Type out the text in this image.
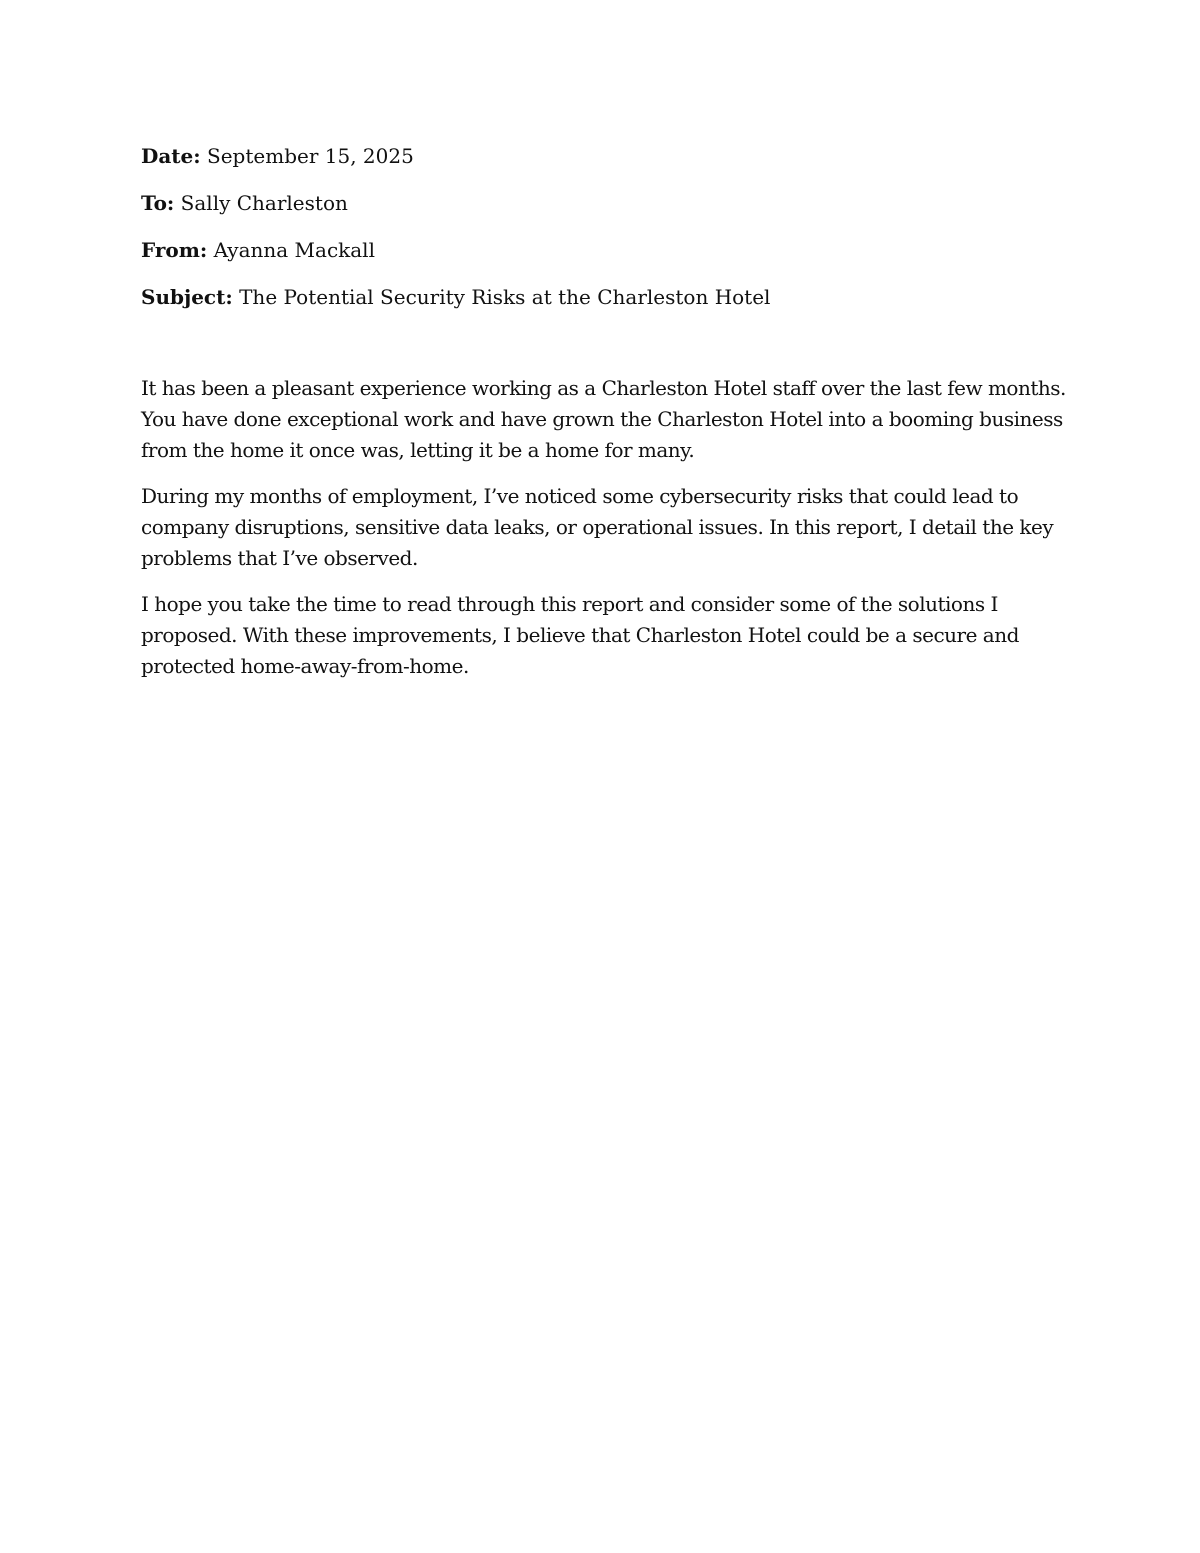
Date: September 15, 2025
To: Sally Charleston
From: Ayanna Mackall
Subject: The Potential Security Risks at the Charleston Hotel

It has been a pleasant experience working as a Charleston Hotel staff over the last few months.
You have done exceptional work and have grown the Charleston Hotel into a booming business
from the home it once was, letting it be a home for many.

During my months of employment, I’ve noticed some cybersecurity risks that could lead to
company disruptions, sensitive data leaks, or operational issues. In this report, I detail the key
problems that I’ve observed.

I hope you take the time to read through this report and consider some of the solutions I
proposed. With these improvements, I believe that Charleston Hotel could be a secure and
protected home-away-from-home.
